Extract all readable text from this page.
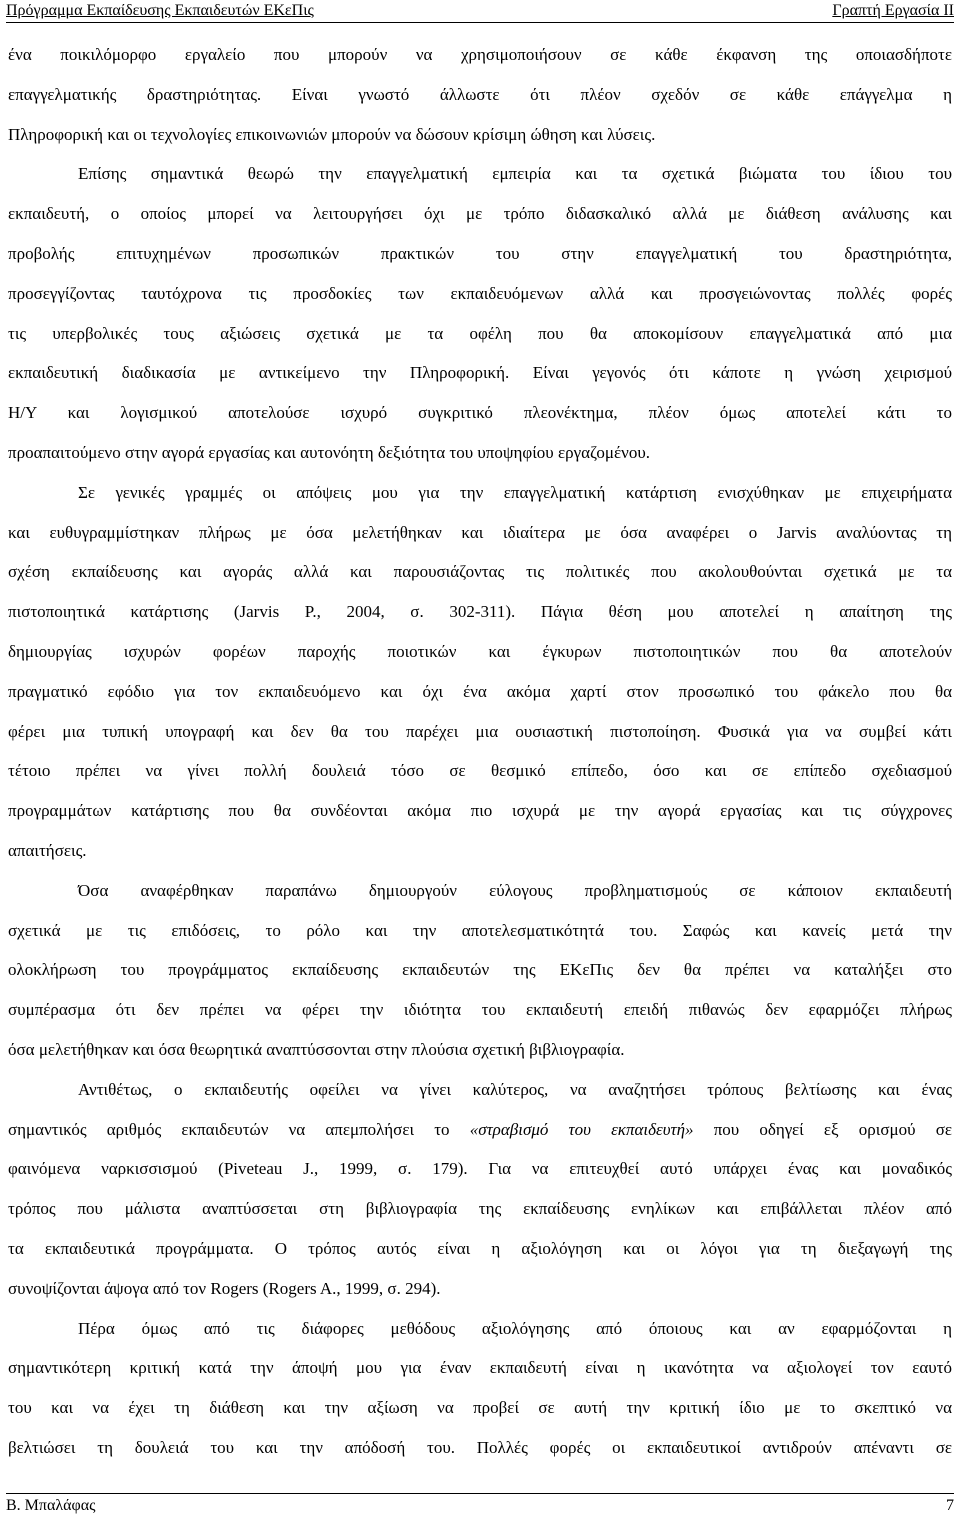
Πρόγραμμα Εκπαίδευσης Εκπαιδευτών ΕΚεΠις	Γραπτή Εργασία ΙΙ
ένα ποικιλόμορφο εργαλείο που μπορούν να χρησιμοποιήσουν σε κάθε έκφανση της οποιασδήποτε
επαγγελματικής δραστηριότητας. Είναι γνωστό άλλωστε ότι πλέον σχεδόν σε κάθε επάγγελμα η
Πληροφορική και οι τεχνολογίες επικοινωνιών μπορούν να δώσουν κρίσιμη ώθηση και λύσεις.
Επίσης σημαντικά θεωρώ την επαγγελματική εμπειρία και τα σχετικά βιώματα του ίδιου του
εκπαιδευτή, ο οποίος μπορεί να λειτουργήσει όχι με τρόπο διδασκαλικό αλλά με διάθεση ανάλυσης και
προβολής επιτυχημένων προσωπικών πρακτικών του στην επαγγελματική του δραστηριότητα,
προσεγγίζοντας ταυτόχρονα τις προσδοκίες των εκπαιδευόμενων αλλά και προσγειώνοντας πολλές φορές
τις υπερβολικές τους αξιώσεις σχετικά με τα οφέλη που θα αποκομίσουν επαγγελματικά από μια
εκπαιδευτική διαδικασία με αντικείμενο την Πληροφορική. Είναι γεγονός ότι κάποτε η γνώση χειρισμού
Η/Υ και λογισμικού αποτελούσε ισχυρό συγκριτικό πλεονέκτημα, πλέον όμως αποτελεί κάτι το
προαπαιτούμενο στην αγορά εργασίας και αυτονόητη δεξιότητα του υποψηφίου εργαζομένου.
Σε γενικές γραμμές οι απόψεις μου για την επαγγελματική κατάρτιση ενισχύθηκαν με επιχειρήματα
και ευθυγραμμίστηκαν πλήρως με όσα μελετήθηκαν και ιδιαίτερα με όσα αναφέρει ο Jarvis αναλύοντας τη
σχέση εκπαίδευσης και αγοράς αλλά και παρουσιάζοντας τις πολιτικές που ακολουθούνται σχετικά με τα
πιστοποιητικά κατάρτισης (Jarvis P., 2004, σ. 302-311). Πάγια θέση μου αποτελεί η απαίτηση της
δημιουργίας ισχυρών φορέων παροχής ποιοτικών και έγκυρων πιστοποιητικών που θα αποτελούν
πραγματικό εφόδιο για τον εκπαιδευόμενο και όχι ένα ακόμα χαρτί στον προσωπικό του φάκελο που θα
φέρει μια τυπική υπογραφή και δεν θα του παρέχει μια ουσιαστική πιστοποίηση. Φυσικά για να συμβεί κάτι
τέτοιο πρέπει να γίνει πολλή δουλειά τόσο σε θεσμικό επίπεδο, όσο και σε επίπεδο σχεδιασμού
προγραμμάτων κατάρτισης που θα συνδέονται ακόμα πιο ισχυρά με την αγορά εργασίας και τις σύγχρονες
απαιτήσεις.
Όσα αναφέρθηκαν παραπάνω δημιουργούν εύλογους προβληματισμούς σε κάποιον εκπαιδευτή
σχετικά με τις επιδόσεις, το ρόλο και την αποτελεσματικότητά του. Σαφώς και κανείς μετά την
ολοκλήρωση του προγράμματος εκπαίδευσης εκπαιδευτών της ΕΚεΠις δεν θα πρέπει να καταλήξει στο
συμπέρασμα ότι δεν πρέπει να φέρει την ιδιότητα του εκπαιδευτή επειδή πιθανώς δεν εφαρμόζει πλήρως
όσα μελετήθηκαν και όσα θεωρητικά αναπτύσσονται στην πλούσια σχετική βιβλιογραφία.
Αντιθέτως, ο εκπαιδευτής οφείλει να γίνει καλύτερος, να αναζητήσει τρόπους βελτίωσης και ένας
σημαντικός αριθμός εκπαιδευτών να απεμπολήσει το «στραβισμό του εκπαιδευτή» που οδηγεί εξ ορισμού σε
φαινόμενα ναρκισσισμού (Piveteau J., 1999, σ. 179). Για να επιτευχθεί αυτό υπάρχει ένας και μοναδικός
τρόπος που μάλιστα αναπτύσσεται στη βιβλιογραφία της εκπαίδευσης ενηλίκων και επιβάλλεται πλέον από
τα εκπαιδευτικά προγράμματα. Ο τρόπος αυτός είναι η αξιολόγηση και οι λόγοι για τη διεξαγωγή της
συνοψίζονται άψογα από τον Rogers (Rogers A., 1999, σ. 294).
Πέρα όμως από τις διάφορες μεθόδους αξιολόγησης από όποιους και αν εφαρμόζονται η
σημαντικότερη κριτική κατά την άποψή μου για έναν εκπαιδευτή είναι η ικανότητα να αξιολογεί τον εαυτό
του και να έχει τη διάθεση και την αξίωση να προβεί σε αυτή την κριτική ίδιο με το σκεπτικό να
βελτιώσει τη δουλειά του και την απόδοσή του. Πολλές φορές οι εκπαιδευτικοί αντιδρούν απέναντι σε
Β. Μπαλάφας	7
